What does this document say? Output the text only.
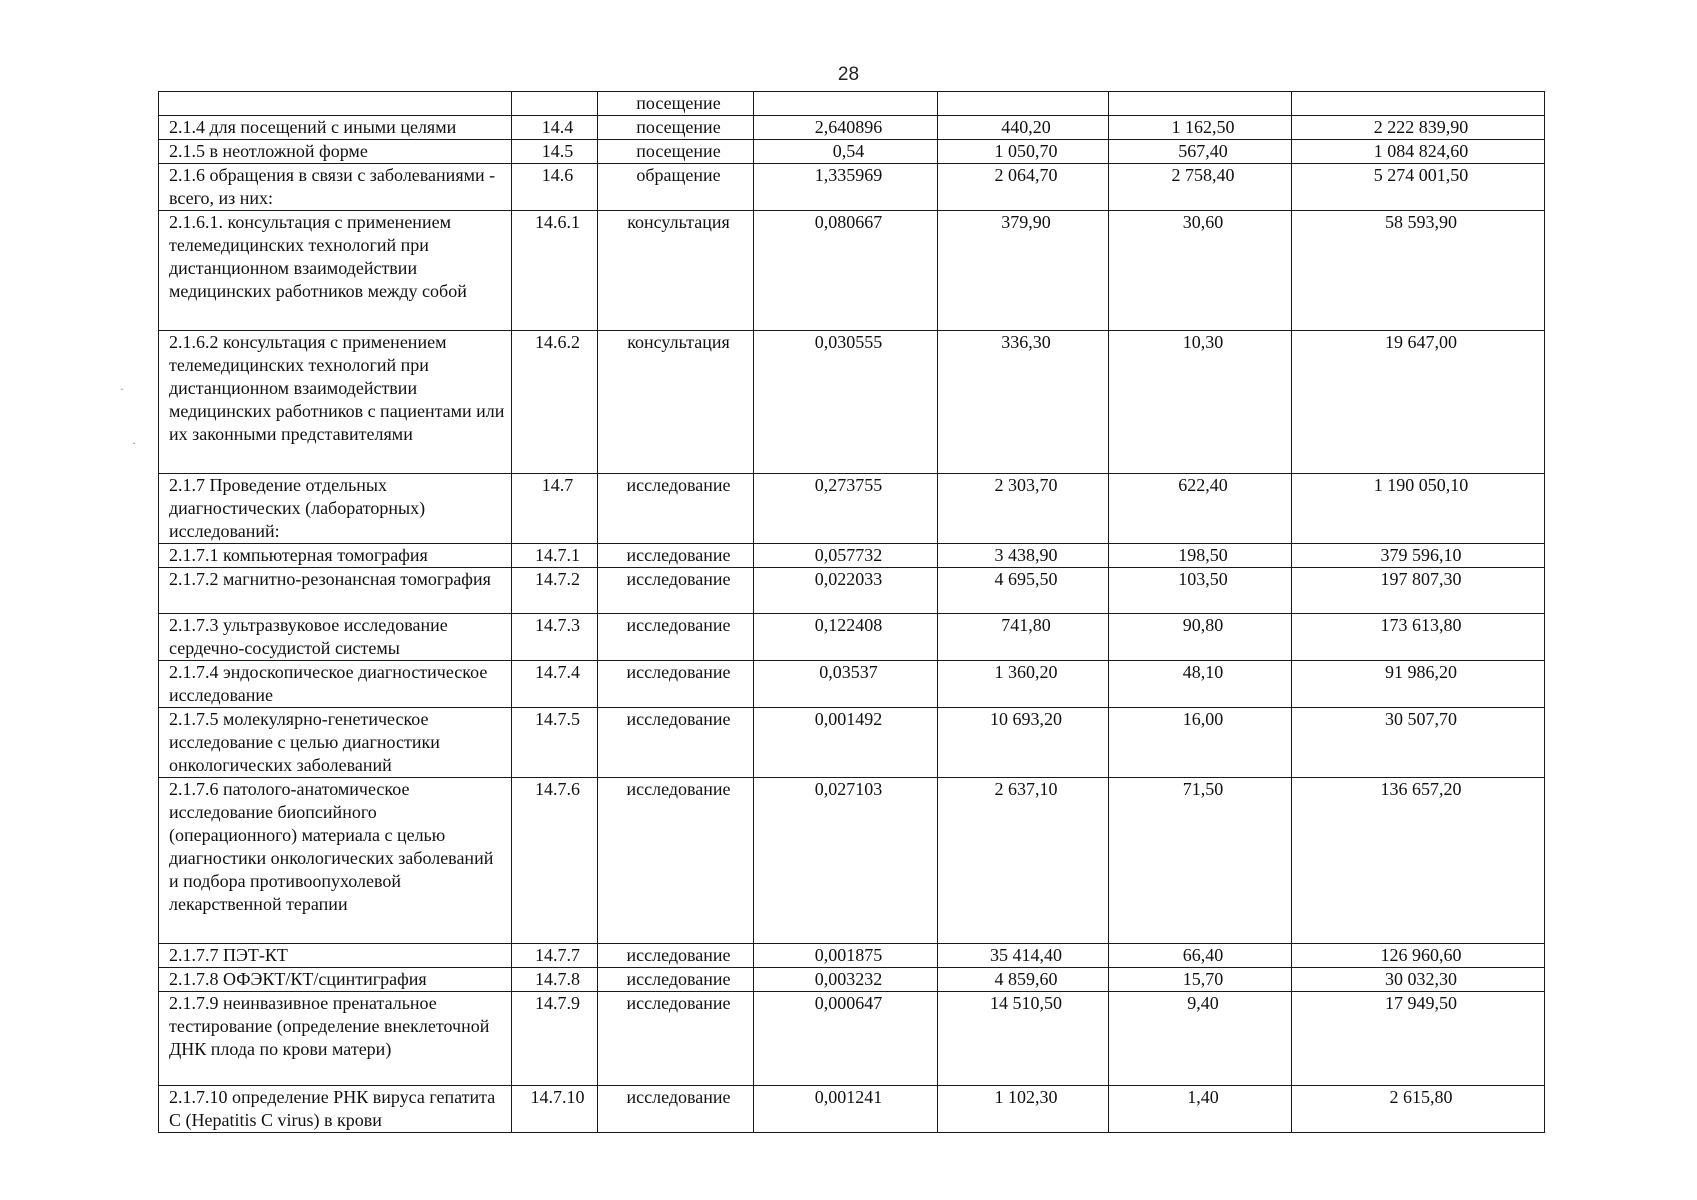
28
		посещение				
2.1.4 для посещений с иными целями	14.4	посещение	2,640896	440,20	1 162,50	2 222 839,90
2.1.5 в неотложной форме	14.5	посещение	0,54	1 050,70	567,40	1 084 824,60
2.1.6 обращения в связи с заболеваниями - всего, из них:	14.6	обращение	1,335969	2 064,70	2 758,40	5 274 001,50
2.1.6.1. консультация с применением телемедицинских технологий при дистанционном взаимодействии медицинских работников между собой	14.6.1	консультация	0,080667	379,90	30,60	58 593,90
2.1.6.2 консультация с применением телемедицинских технологий при дистанционном взаимодействии медицинских работников с пациентами или их законными представителями	14.6.2	консультация	0,030555	336,30	10,30	19 647,00
2.1.7 Проведение отдельных диагностических (лабораторных) исследований:	14.7	исследование	0,273755	2 303,70	622,40	1 190 050,10
2.1.7.1 компьютерная томография	14.7.1	исследование	0,057732	3 438,90	198,50	379 596,10
2.1.7.2 магнитно-резонансная томография	14.7.2	исследование	0,022033	4 695,50	103,50	197 807,30
2.1.7.3 ультразвуковое исследование сердечно-сосудистой системы	14.7.3	исследование	0,122408	741,80	90,80	173 613,80
2.1.7.4 эндоскопическое диагностическое исследование	14.7.4	исследование	0,03537	1 360,20	48,10	91 986,20
2.1.7.5 молекулярно-генетическое исследование с целью диагностики онкологических заболеваний	14.7.5	исследование	0,001492	10 693,20	16,00	30 507,70
2.1.7.6 патолого-анатомическое исследование биопсийного (операционного) материала с целью диагностики онкологических заболеваний и подбора противоопухолевой лекарственной терапии	14.7.6	исследование	0,027103	2 637,10	71,50	136 657,20
2.1.7.7 ПЭТ-КТ	14.7.7	исследование	0,001875	35 414,40	66,40	126 960,60
2.1.7.8 ОФЭКТ/КТ/сцинтиграфия	14.7.8	исследование	0,003232	4 859,60	15,70	30 032,30
2.1.7.9 неинвазивное пренатальное тестирование (определение внеклеточной ДНК плода по крови матери)	14.7.9	исследование	0,000647	14 510,50	9,40	17 949,50
2.1.7.10 определение РНК вируса гепатита С (Hepatitis C virus) в крови	14.7.10	исследование	0,001241	1 102,30	1,40	2 615,80
·
·
